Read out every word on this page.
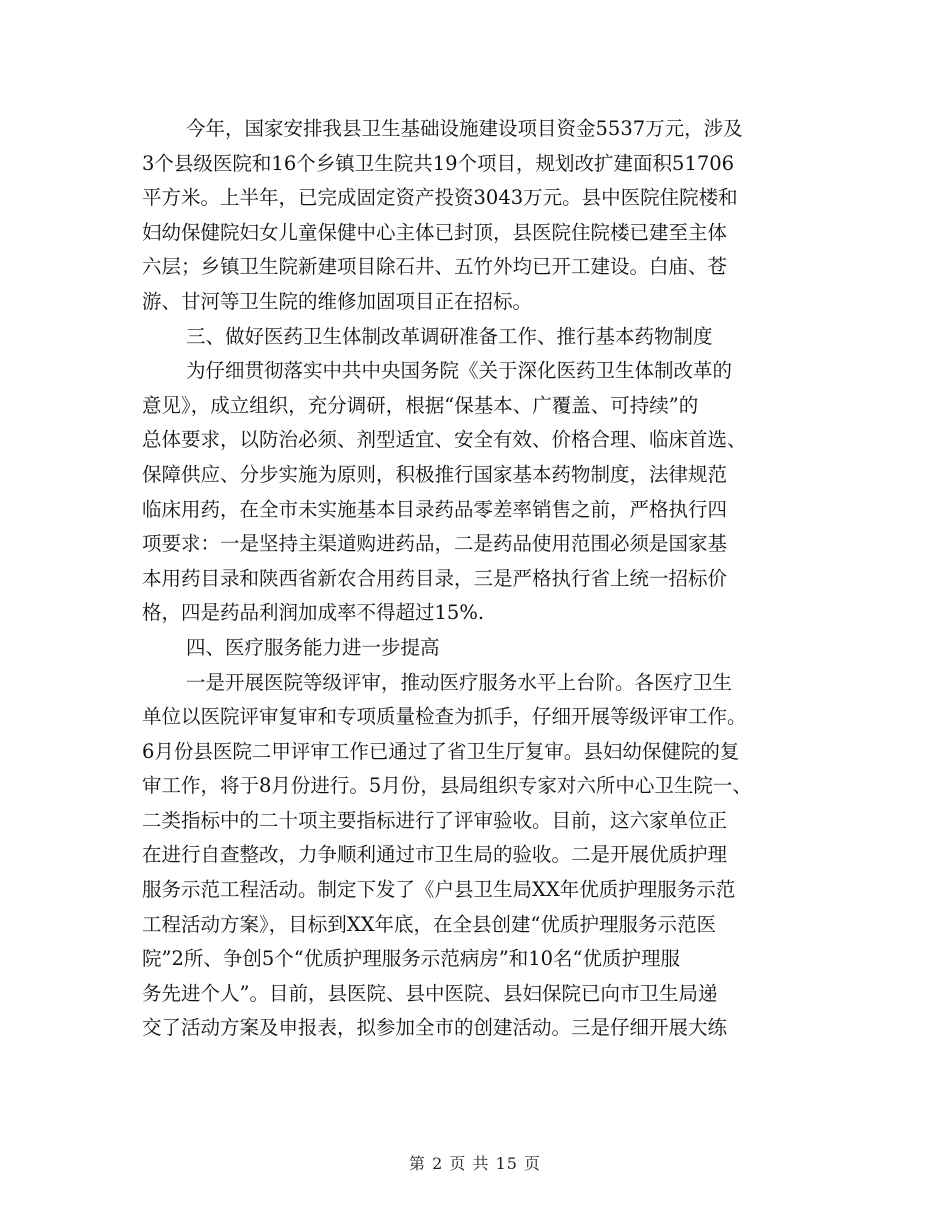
今年，国家安排我县卫生基础设施建设项目资金5537万元，涉及
3个县级医院和16个乡镇卫生院共19个项目，规划改扩建面积51706
平方米。上半年，已完成固定资产投资3043万元。县中医院住院楼和
妇幼保健院妇女儿童保健中心主体已封顶，县医院住院楼已建至主体
六层；乡镇卫生院新建项目除石井、五竹外均已开工建设。白庙、苍
游、甘河等卫生院的维修加固项目正在招标。
三、做好医药卫生体制改革调研准备工作、推行基本药物制度
为仔细贯彻落实中共中央国务院《关于深化医药卫生体制改革的
意见》，成立组织，充分调研，根据“保基本、广覆盖、可持续”的
总体要求，以防治必须、剂型适宜、安全有效、价格合理、临床首选、
保障供应、分步实施为原则，积极推行国家基本药物制度，法律规范
临床用药，在全市未实施基本目录药品零差率销售之前，严格执行四
项要求：一是坚持主渠道购进药品，二是药品使用范围必须是国家基
本用药目录和陕西省新农合用药目录，三是严格执行省上统一招标价
格，四是药品利润加成率不得超过15%.
四、医疗服务能力进一步提高
一是开展医院等级评审，推动医疗服务水平上台阶。各医疗卫生
单位以医院评审复审和专项质量检查为抓手，仔细开展等级评审工作。
6月份县医院二甲评审工作已通过了省卫生厅复审。县妇幼保健院的复
审工作，将于8月份进行。5月份，县局组织专家对六所中心卫生院一、
二类指标中的二十项主要指标进行了评审验收。目前，这六家单位正
在进行自查整改，力争顺利通过市卫生局的验收。二是开展优质护理
服务示范工程活动。制定下发了《户县卫生局XX年优质护理服务示范
工程活动方案》，目标到XX年底，在全县创建“优质护理服务示范医
院”2所、争创5个“优质护理服务示范病房”和10名“优质护理服
务先进个人”。目前，县医院、县中医院、县妇保院已向市卫生局递
交了活动方案及申报表，拟参加全市的创建活动。三是仔细开展大练
第 2 页 共 15 页
